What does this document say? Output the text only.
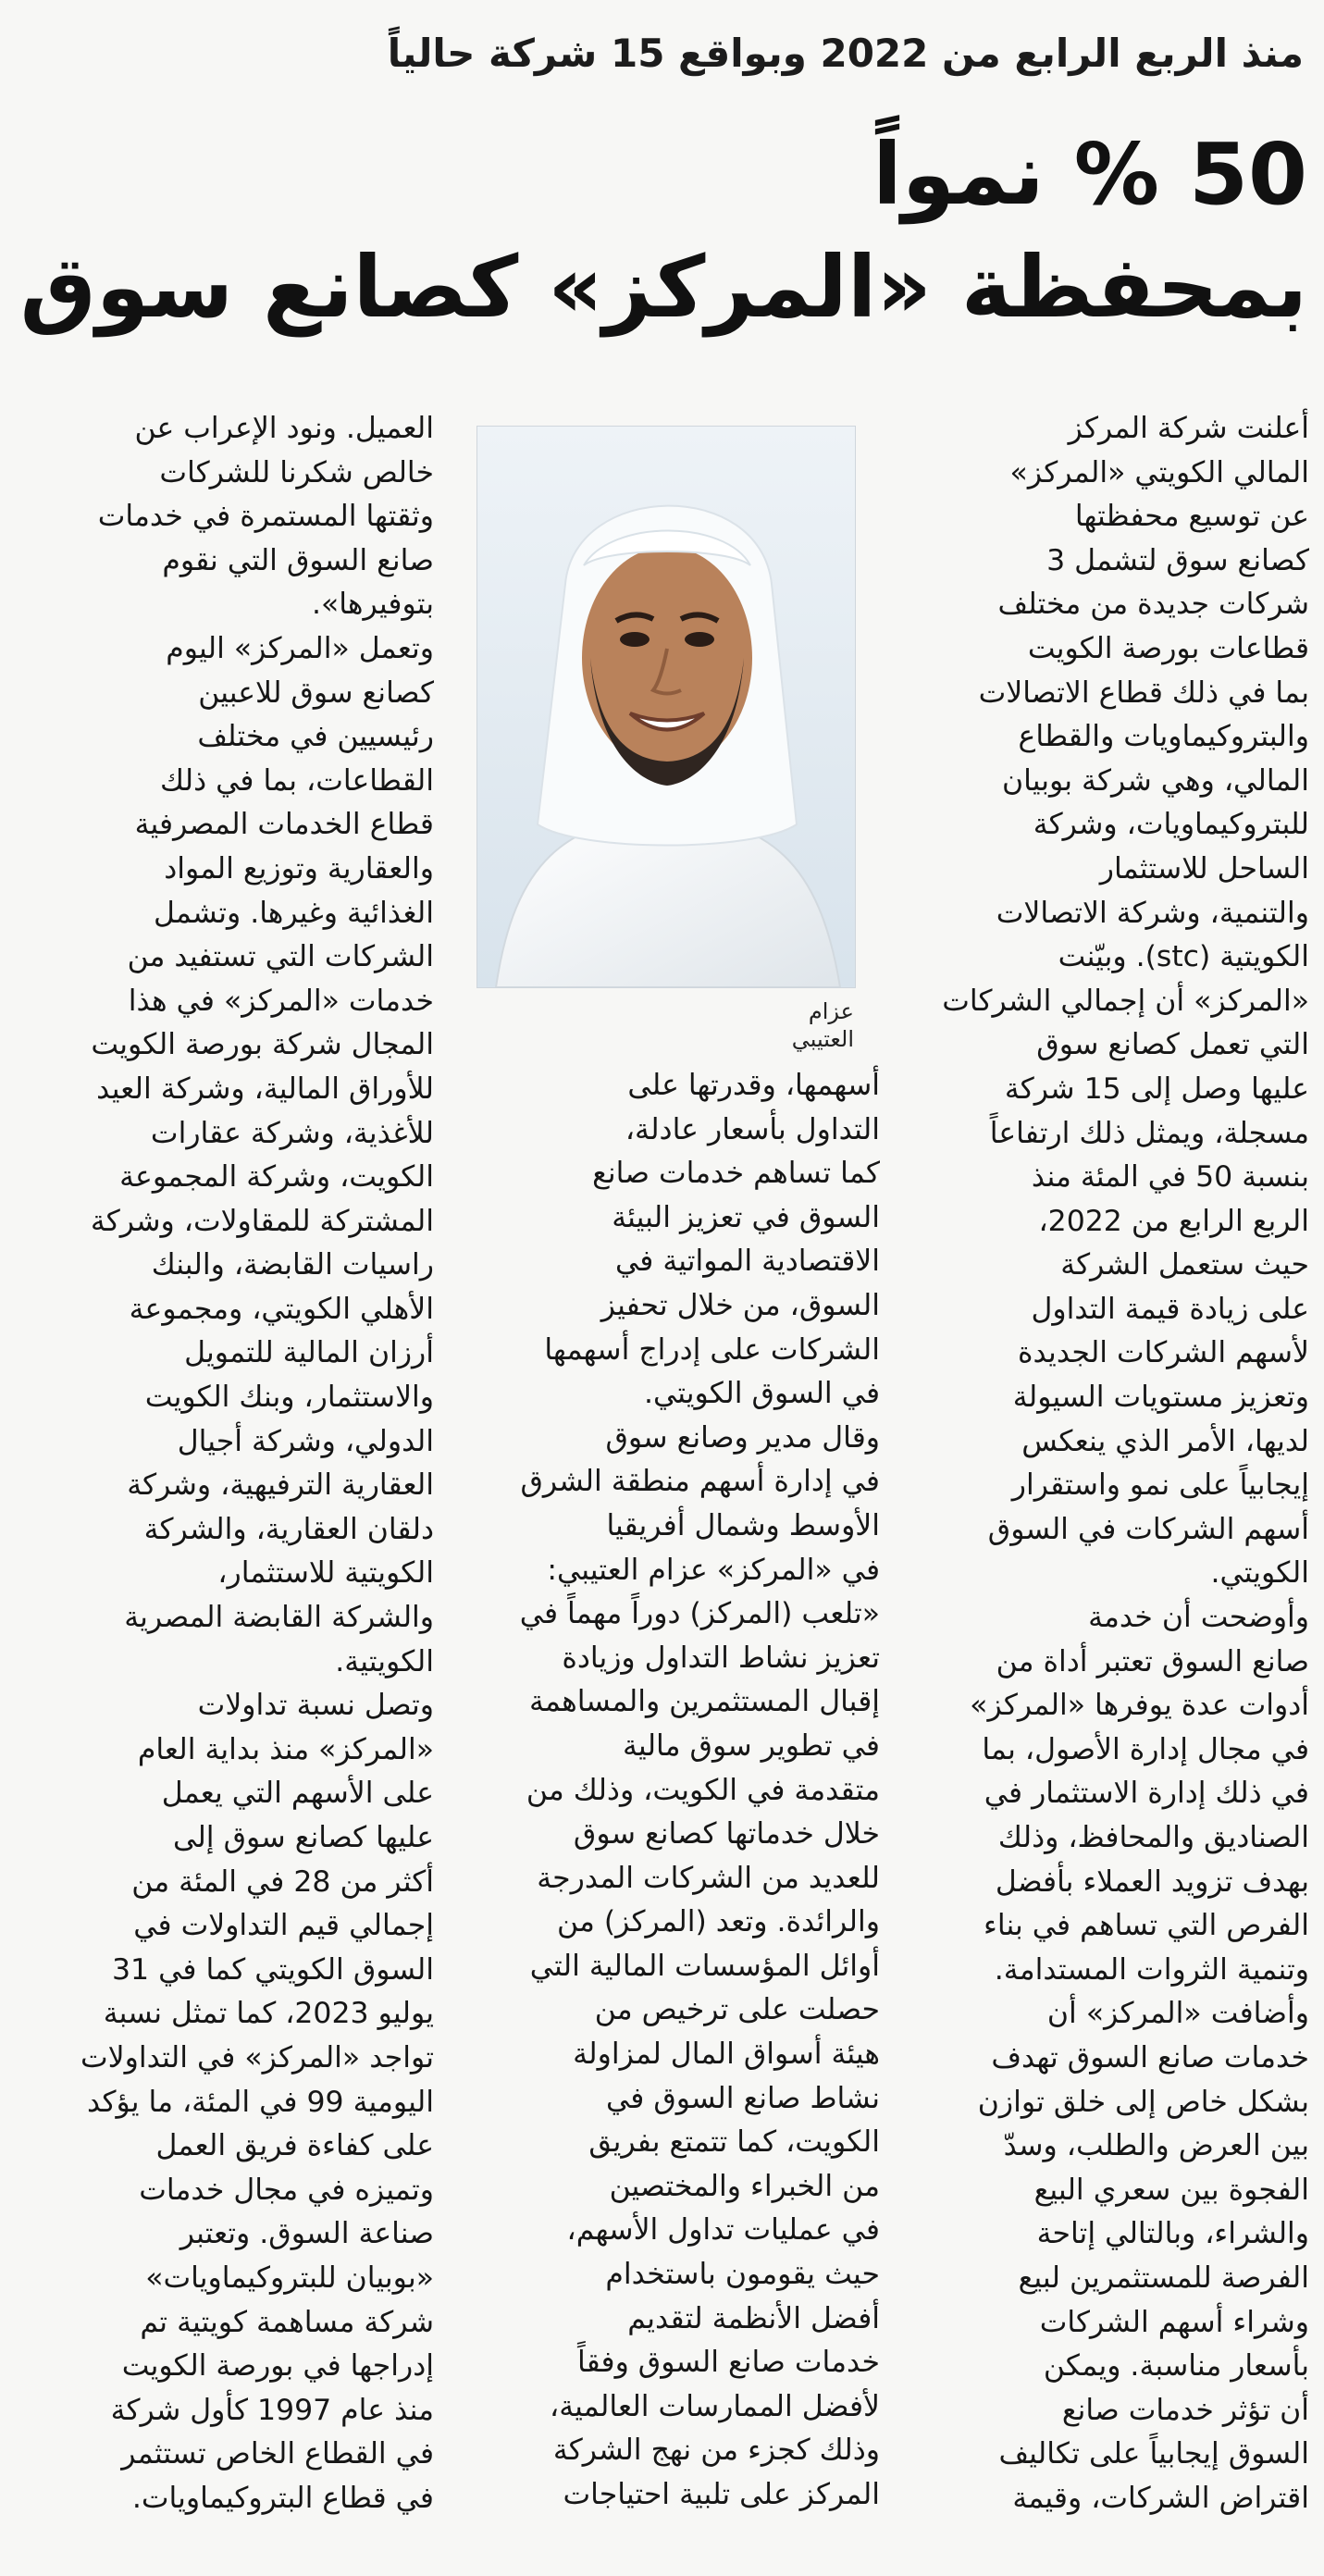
منذ الربع الرابع من 2022 وبواقع 15 شركة حالياً
50 % نمواً
بمحفظة «المركز» كصانع سوق
أعلنت شركة المركز
المالي الكويتي «المركز»
عن توسيع محفظتها
كصانع سوق لتشمل 3
شركات جديدة من مختلف
قطاعات بورصة الكويت
بما في ذلك قطاع الاتصالات
والبتروكيماويات والقطاع
المالي، وهي شركة بوبيان
للبتروكيماويات، وشركة
الساحل للاستثمار
والتنمية، وشركة الاتصالات
الكويتية (stc). وبيّنت
«المركز» أن إجمالي الشركات
التي تعمل كصانع سوق
عليها وصل إلى 15 شركة
مسجلة، ويمثل ذلك ارتفاعاً
بنسبة 50 في المئة منذ
الربع الرابع من 2022،
حيث ستعمل الشركة
على زيادة قيمة التداول
لأسهم الشركات الجديدة
وتعزيز مستويات السيولة
لديها، الأمر الذي ينعكس
إيجابياً على نمو واستقرار
أسهم الشركات في السوق
الكويتي.
وأوضحت أن خدمة
صانع السوق تعتبر أداة من
أدوات عدة يوفرها «المركز»
في مجال إدارة الأصول، بما
في ذلك إدارة الاستثمار في
الصناديق والمحافظ، وذلك
بهدف تزويد العملاء بأفضل
الفرص التي تساهم في بناء
وتنمية الثروات المستدامة.
وأضافت «المركز» أن
خدمات صانع السوق تهدف
بشكل خاص إلى خلق توازن
بين العرض والطلب، وسدّ
الفجوة بين سعري البيع
والشراء، وبالتالي إتاحة
الفرصة للمستثمرين لبيع
وشراء أسهم الشركات
بأسعار مناسبة. ويمكن
أن تؤثر خدمات صانع
السوق إيجابياً على تكاليف
اقتراض الشركات، وقيمة
عزام العتيبي
أسهمها، وقدرتها على
التداول بأسعار عادلة،
كما تساهم خدمات صانع
السوق في تعزيز البيئة
الاقتصادية المواتية في
السوق، من خلال تحفيز
الشركات على إدراج أسهمها
في السوق الكويتي.
وقال مدير وصانع سوق
في إدارة أسهم منطقة الشرق
الأوسط وشمال أفريقيا
في «المركز» عزام العتيبي:
«تلعب (المركز) دوراً مهماً في
تعزيز نشاط التداول وزيادة
إقبال المستثمرين والمساهمة
في تطوير سوق مالية
متقدمة في الكويت، وذلك من
خلال خدماتها كصانع سوق
للعديد من الشركات المدرجة
والرائدة. وتعد (المركز) من
أوائل المؤسسات المالية التي
حصلت على ترخيص من
هيئة أسواق المال لمزاولة
نشاط صانع السوق في
الكويت، كما تتمتع بفريق
من الخبراء والمختصين
في عمليات تداول الأسهم،
حيث يقومون باستخدام
أفضل الأنظمة لتقديم
خدمات صانع السوق وفقاً
لأفضل الممارسات العالمية،
وذلك كجزء من نهج الشركة
المركز على تلبية احتياجات
العميل. ونود الإعراب عن
خالص شكرنا للشركات
وثقتها المستمرة في خدمات
صانع السوق التي نقوم
بتوفيرها».
وتعمل «المركز» اليوم
كصانع سوق للاعبين
رئيسيين في مختلف
القطاعات، بما في ذلك
قطاع الخدمات المصرفية
والعقارية وتوزيع المواد
الغذائية وغيرها. وتشمل
الشركات التي تستفيد من
خدمات «المركز» في هذا
المجال شركة بورصة الكويت
للأوراق المالية، وشركة العيد
للأغذية، وشركة عقارات
الكويت، وشركة المجموعة
المشتركة للمقاولات، وشركة
راسيات القابضة، والبنك
الأهلي الكويتي، ومجموعة
أرزان المالية للتمويل
والاستثمار، وبنك الكويت
الدولي، وشركة أجيال
العقارية الترفيهية، وشركة
دلقان العقارية، والشركة
الكويتية للاستثمار،
والشركة القابضة المصرية
الكويتية.
وتصل نسبة تداولات
«المركز» منذ بداية العام
على الأسهم التي يعمل
عليها كصانع سوق إلى
أكثر من 28 في المئة من
إجمالي قيم التداولات في
السوق الكويتي كما في 31
يوليو 2023، كما تمثل نسبة
تواجد «المركز» في التداولات
اليومية 99 في المئة، ما يؤكد
على كفاءة فريق العمل
وتميزه في مجال خدمات
صناعة السوق. وتعتبر
«بوبيان للبتروكيماويات»
شركة مساهمة كويتية تم
إدراجها في بورصة الكويت
منذ عام 1997 كأول شركة
في القطاع الخاص تستثمر
في قطاع البتروكيماويات.
